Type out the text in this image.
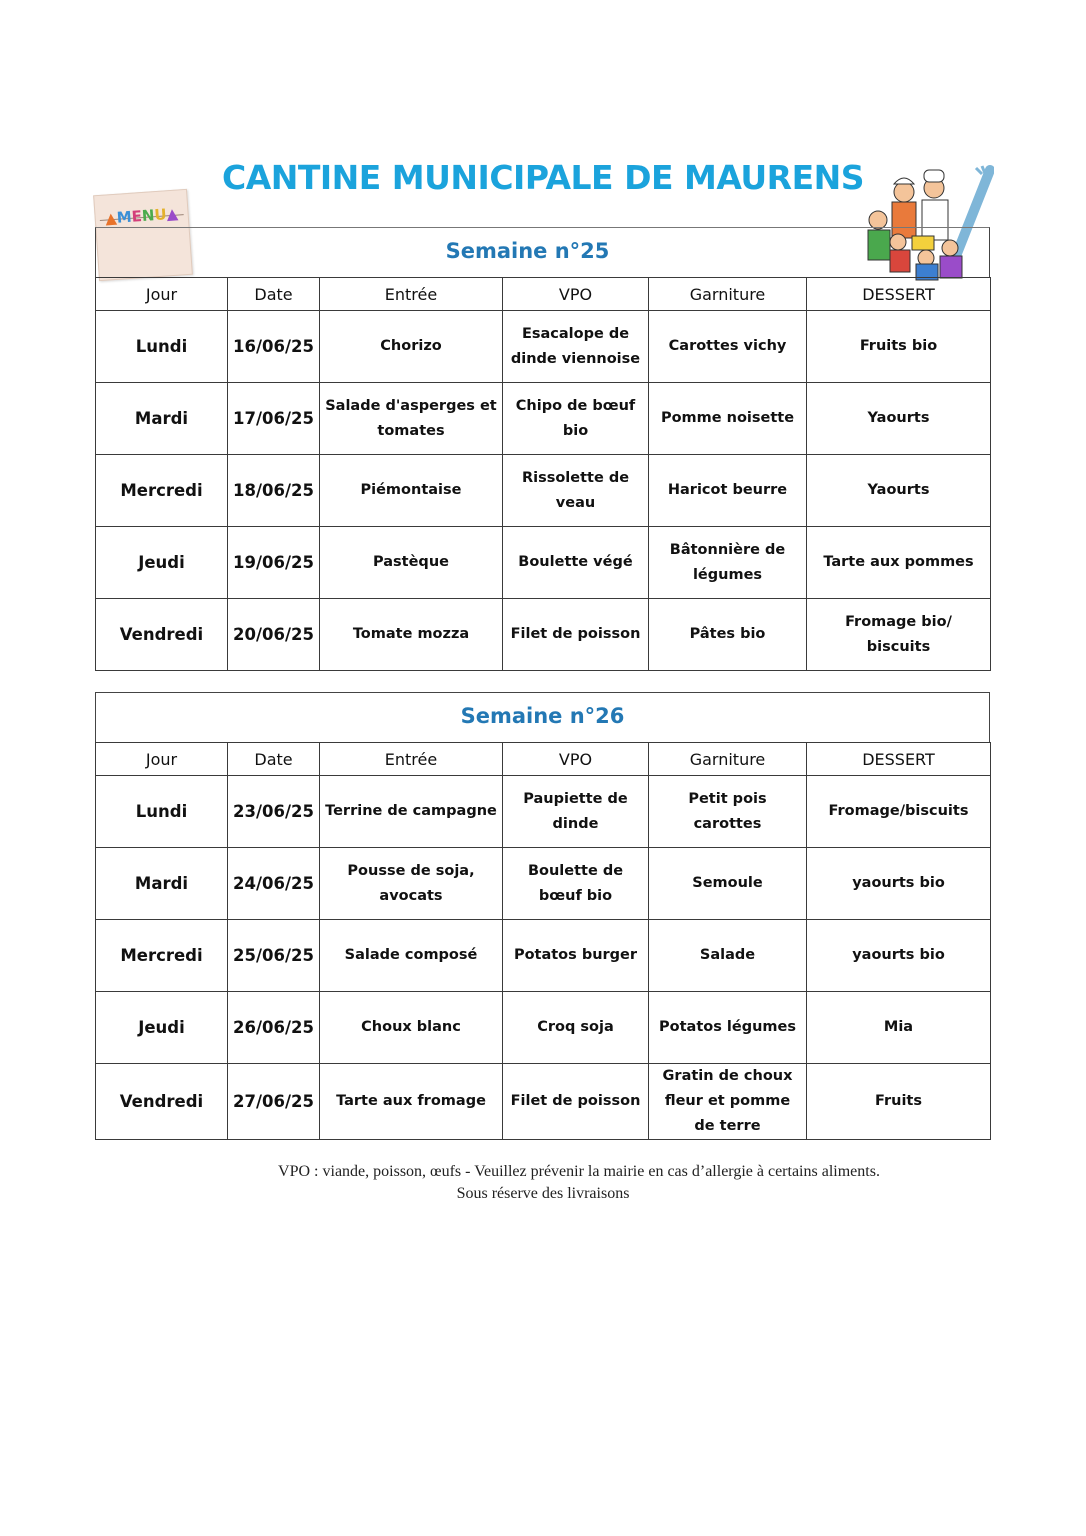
CANTINE MUNICIPALE DE MAURENS
▲MENU▲
Semaine n°25
Jour	Date	Entrée	VPO	Garniture	DESSERT
Lundi	16/06/25	Chorizo	Esacalope de dinde viennoise	Carottes vichy	Fruits bio
Mardi	17/06/25	Salade d'asperges et tomates	Chipo de bœuf bio	Pomme noisette	Yaourts
Mercredi	18/06/25	Piémontaise	Rissolette de veau	Haricot beurre	Yaourts
Jeudi	19/06/25	Pastèque	Boulette végé	Bâtonnière de légumes	Tarte aux pommes
Vendredi	20/06/25	Tomate mozza	Filet de poisson	Pâtes bio	Fromage bio/ biscuits
Semaine n°26
Jour	Date	Entrée	VPO	Garniture	DESSERT
Lundi	23/06/25	Terrine de campagne	Paupiette de dinde	Petit pois carottes	Fromage/biscuits
Mardi	24/06/25	Pousse de soja, avocats	Boulette de bœuf bio	Semoule	yaourts bio
Mercredi	25/06/25	Salade composé	Potatos burger	Salade	yaourts bio
Jeudi	26/06/25	Choux blanc	Croq soja	Potatos légumes	Mia
Vendredi	27/06/25	Tarte aux fromage	Filet de poisson	Gratin de choux fleur et pomme de terre	Fruits
VPO : viande, poisson, œufs - Veuillez prévenir la mairie en cas d’allergie à certains aliments.
Sous réserve des livraisons
